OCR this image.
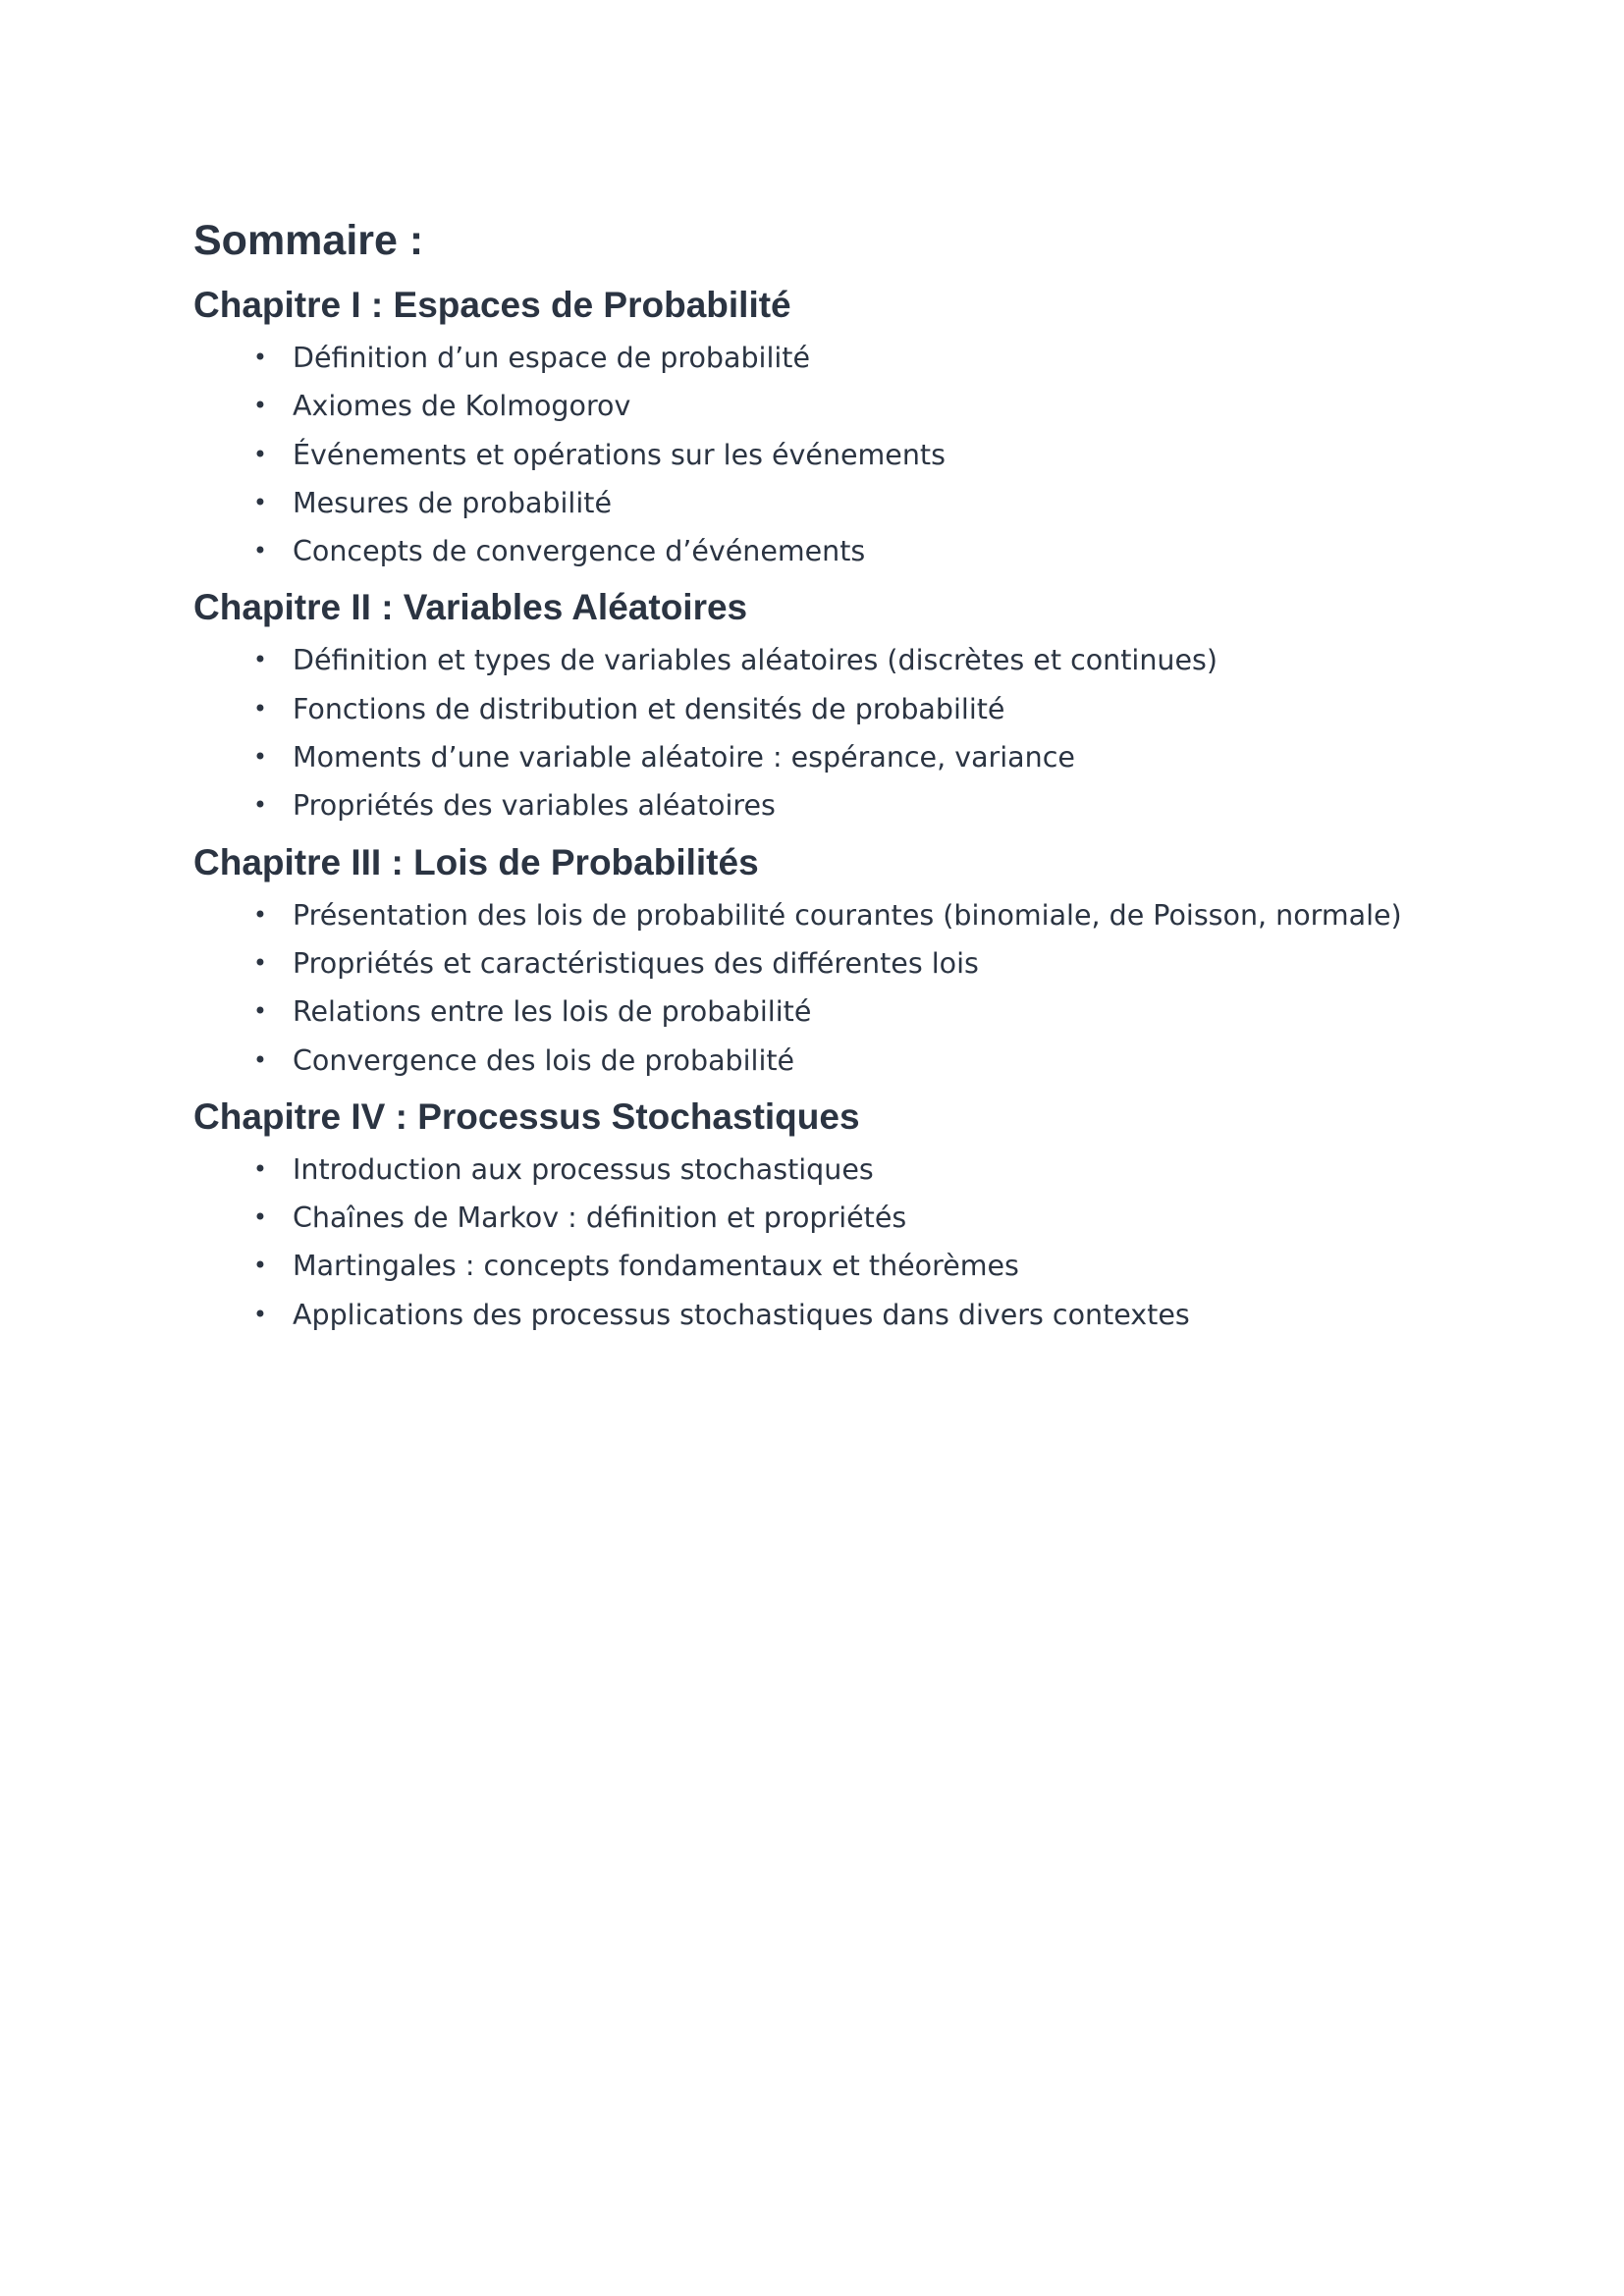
Sommaire :
Chapitre I : Espaces de Probabilité
• Définition d’un espace de probabilité
• Axiomes de Kolmogorov
• Événements et opérations sur les événements
• Mesures de probabilité
• Concepts de convergence d’événements
Chapitre II : Variables Aléatoires
• Définition et types de variables aléatoires (discrètes et continues)
• Fonctions de distribution et densités de probabilité
• Moments d’une variable aléatoire : espérance, variance
• Propriétés des variables aléatoires
Chapitre III : Lois de Probabilités
• Présentation des lois de probabilité courantes (binomiale, de Poisson, normale)
• Propriétés et caractéristiques des différentes lois
• Relations entre les lois de probabilité
• Convergence des lois de probabilité
Chapitre IV : Processus Stochastiques
• Introduction aux processus stochastiques
• Chaînes de Markov : définition et propriétés
• Martingales : concepts fondamentaux et théorèmes
• Applications des processus stochastiques dans divers contextes
